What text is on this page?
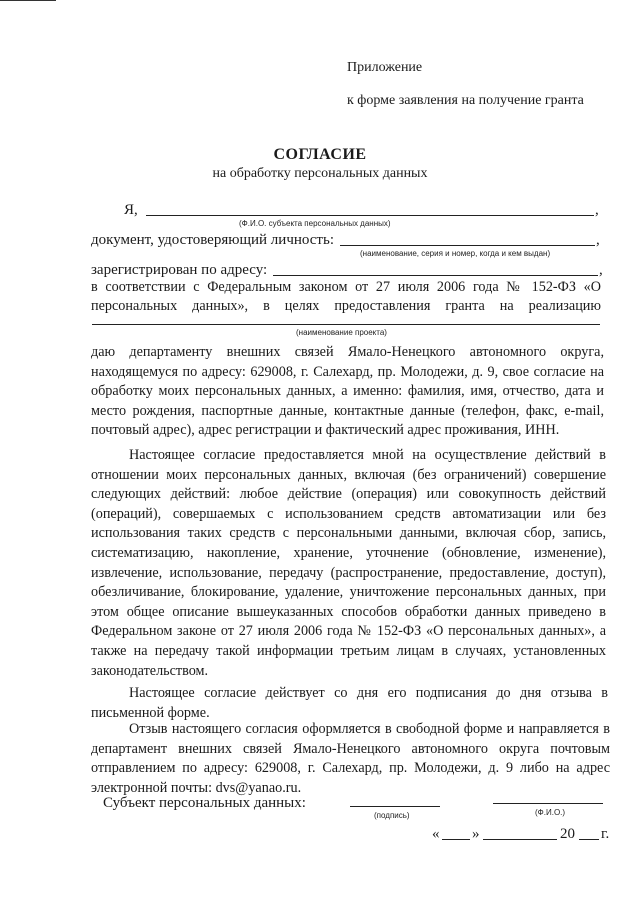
Приложение
к форме заявления на получение гранта
СОГЛАСИЕ
на обработку персональных данных
Я,	,
(Ф.И.О. субъекта персональных данных)
документ, удостоверяющий личность:	,
(наименование, серия и номер, когда и кем выдан)
зарегистрирован по адресу:	,
в соответствии с Федеральным законом от 27 июля 2006 года № 152-ФЗ «О
персональных данных», в целях предоставления гранта на реализацию
(наименование проекта)
даю департаменту внешних связей Ямало-Ненецкого автономного округа, находящемуся по адресу: 629008, г. Салехард, пр. Молодежи, д. 9, свое согласие на обработку моих персональных данных, а именно: фамилия, имя, отчество, дата и место рождения, паспортные данные, контактные данные (телефон, факс, e-mail, почтовый адрес), адрес регистрации и фактический адрес проживания, ИНН.
Настоящее согласие предоставляется мной на осуществление действий в отношении моих персональных данных, включая (без ограничений) совершение следующих действий: любое действие (операция) или совокупность действий (операций), совершаемых с использованием средств автоматизации или без использования таких средств с персональными данными, включая сбор, запись, систематизацию, накопление, хранение, уточнение (обновление, изменение), извлечение, использование, передачу (распространение, предоставление, доступ), обезличивание, блокирование, удаление, уничтожение персональных данных, при этом общее описание вышеуказанных способов обработки данных приведено в Федеральном законе от 27 июля 2006 года № 152-ФЗ «О персональных данных», а также на передачу такой информации третьим лицам в случаях, установленных законодательством.
Настоящее согласие действует со дня его подписания до дня отзыва в письменной форме.
Отзыв настоящего согласия оформляется в свободной форме и направляется в департамент внешних связей Ямало-Ненецкого автономного округа почтовым отправлением по адресу: 629008, г. Салехард, пр. Молодежи, д. 9 либо на адрес электронной почты: dvs@yanao.ru.
Субъект персональных данных:
(подпись)	(Ф.И.О.)
« »	20 г.
